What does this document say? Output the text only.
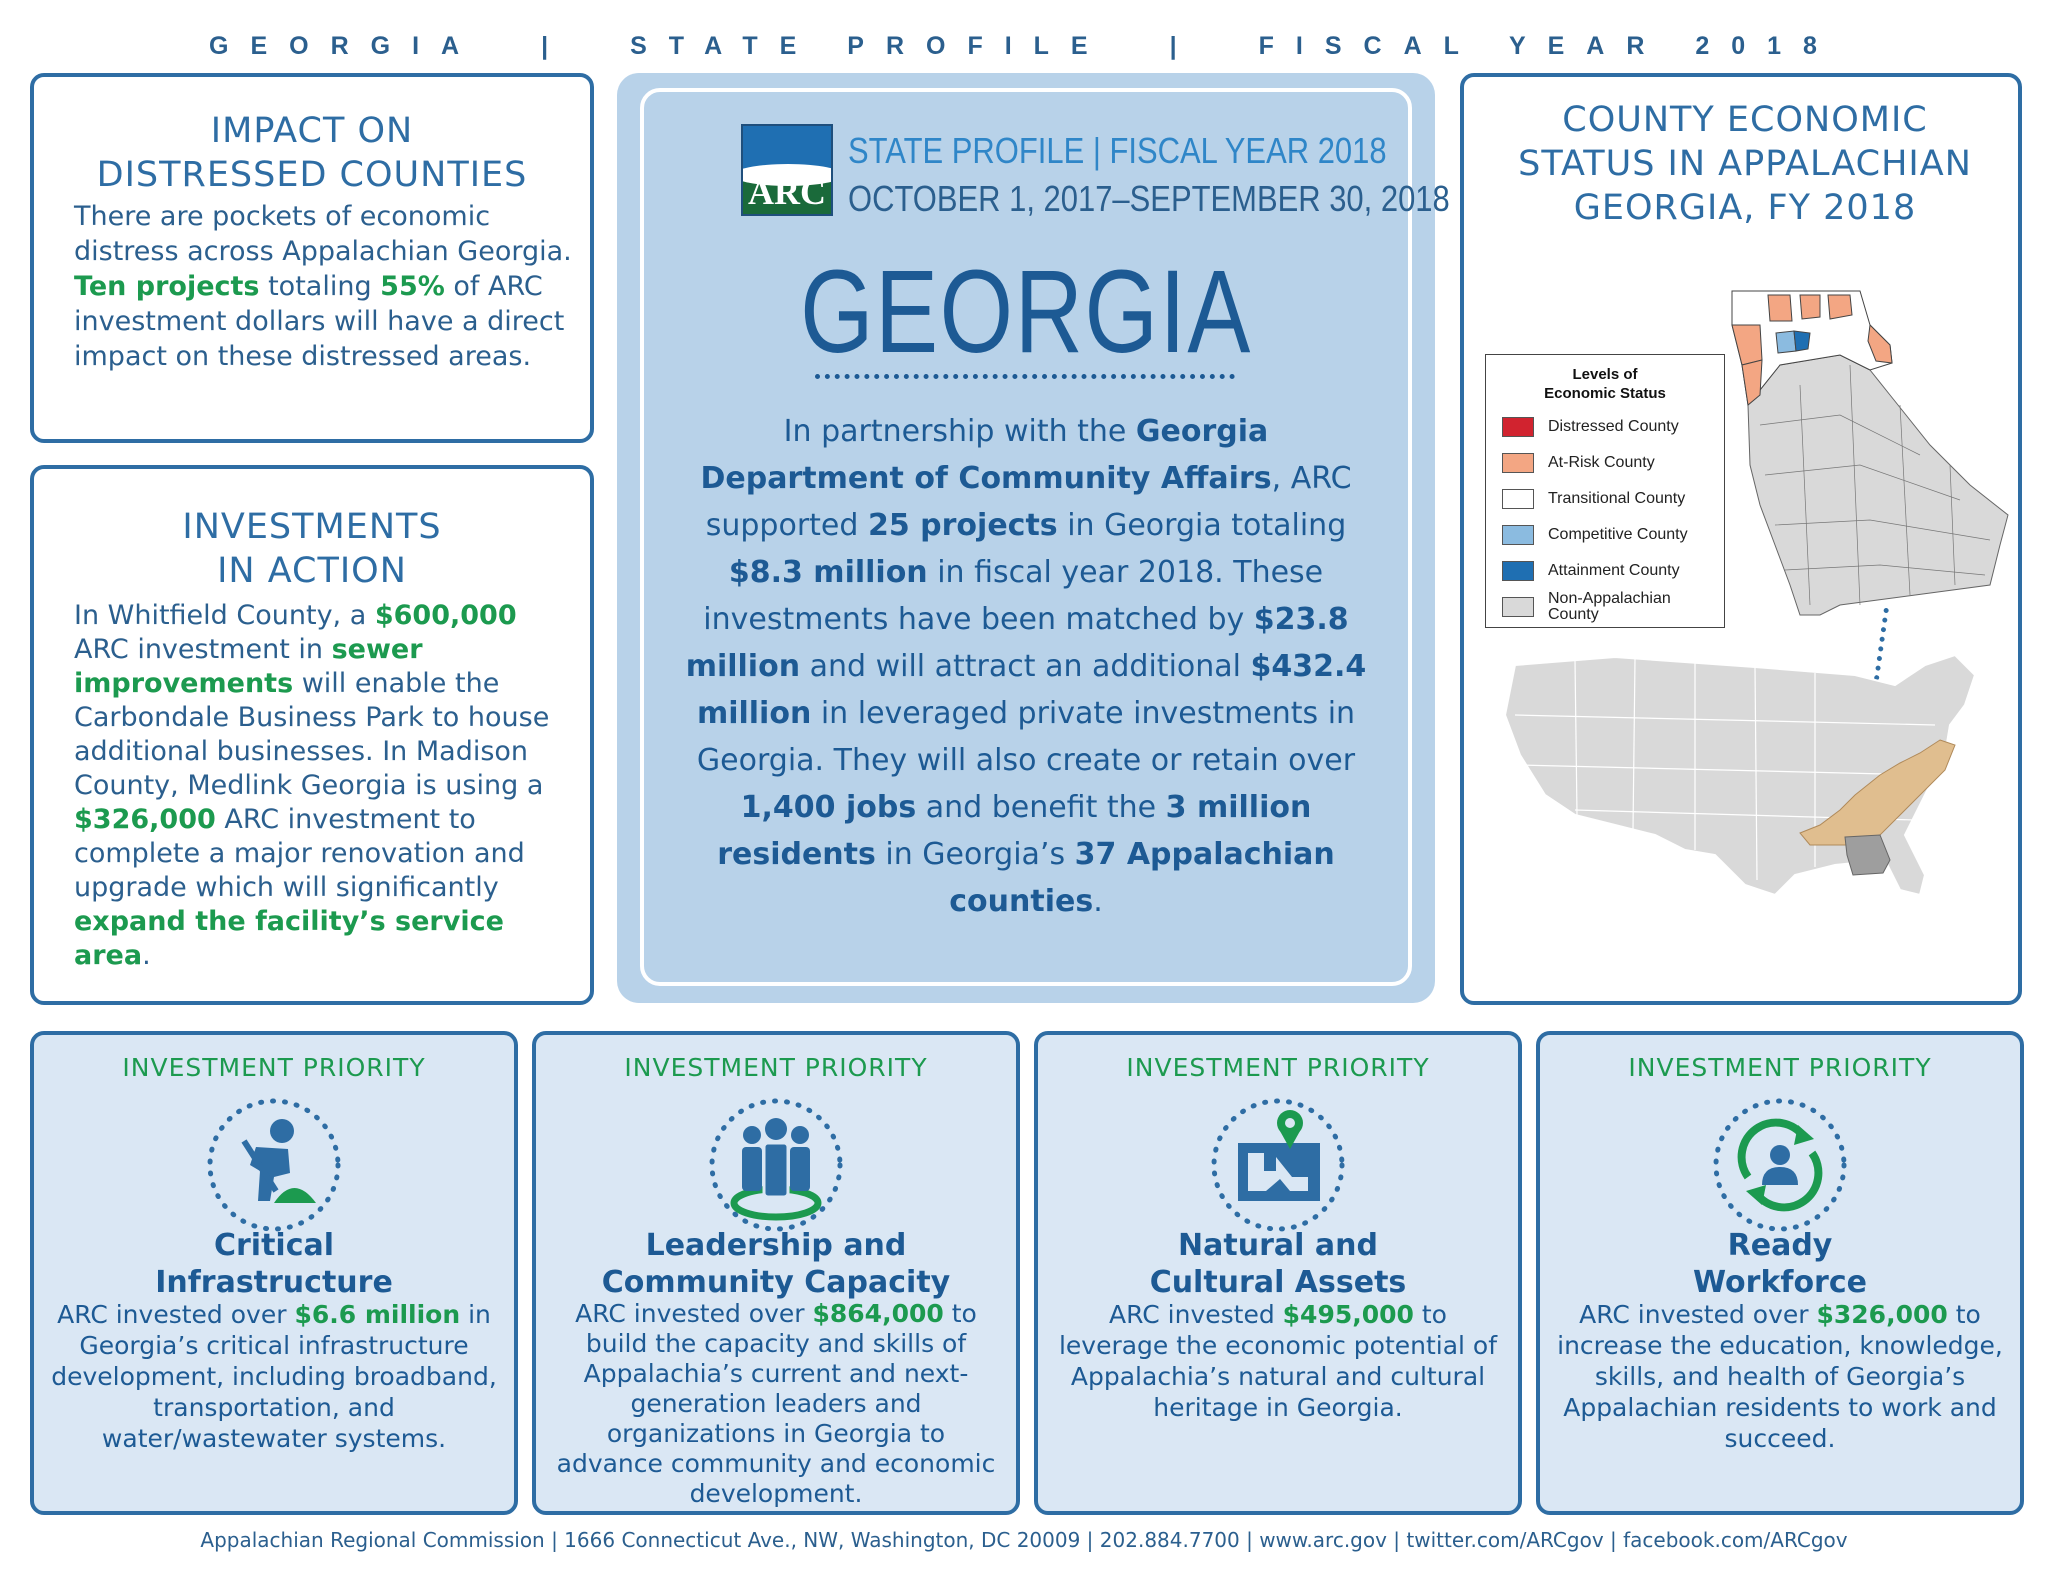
GEORGIA | STATE PROFILE | FISCAL YEAR 2018
IMPACT ON
DISTRESSED COUNTIES
There are pockets of economic distress across Appalachian Georgia. Ten projects totaling 55% of ARC investment dollars will have a direct impact on these distressed areas.
INVESTMENTS
IN ACTION
In Whitfield County, a $600,000 ARC investment in sewer improvements will enable the Carbondale Business Park to house additional businesses. In Madison County, Medlink Georgia is using a $326,000 ARC investment to complete a major renovation and upgrade which will significantly expand the facility’s service area.
ARC
STATE PROFILE | FISCAL YEAR 2018
OCTOBER 1, 2017–SEPTEMBER 30, 2018
GEORGIA
In partnership with the Georgia Department of Community Affairs, ARC supported 25 projects in Georgia totaling $8.3 million in fiscal year 2018. These investments have been matched by $23.8 million and will attract an additional $432.4 million in leveraged private investments in Georgia. They will also create or retain over 1,400 jobs and benefit the 3 million residents in Georgia’s 37 Appalachian counties.
COUNTY ECONOMIC
STATUS IN APPALACHIAN
GEORGIA, FY 2018
Levels of
Economic Status
Distressed County
At-Risk County
Transitional County
Competitive County
Attainment County
Non-Appalachian County
INVESTMENT PRIORITY
Critical
Infrastructure
ARC invested over $6.6 million in Georgia’s critical infrastructure development, including broadband, transportation, and water/wastewater systems.
INVESTMENT PRIORITY
Leadership and
Community Capacity
ARC invested over $864,000 to build the capacity and skills of Appalachia’s current and next-generation leaders and organizations in Georgia to advance community and economic development.
INVESTMENT PRIORITY
Natural and
Cultural Assets
ARC invested $495,000 to leverage the economic potential of Appalachia’s natural and cultural heritage in Georgia.
INVESTMENT PRIORITY
Ready
Workforce
ARC invested over $326,000 to increase the education, knowledge, skills, and health of Georgia’s Appalachian residents to work and succeed.
Appalachian Regional Commission | 1666 Connecticut Ave., NW, Washington, DC 20009 | 202.884.7700 | www.arc.gov | twitter.com/ARCgov | facebook.com/ARCgov
